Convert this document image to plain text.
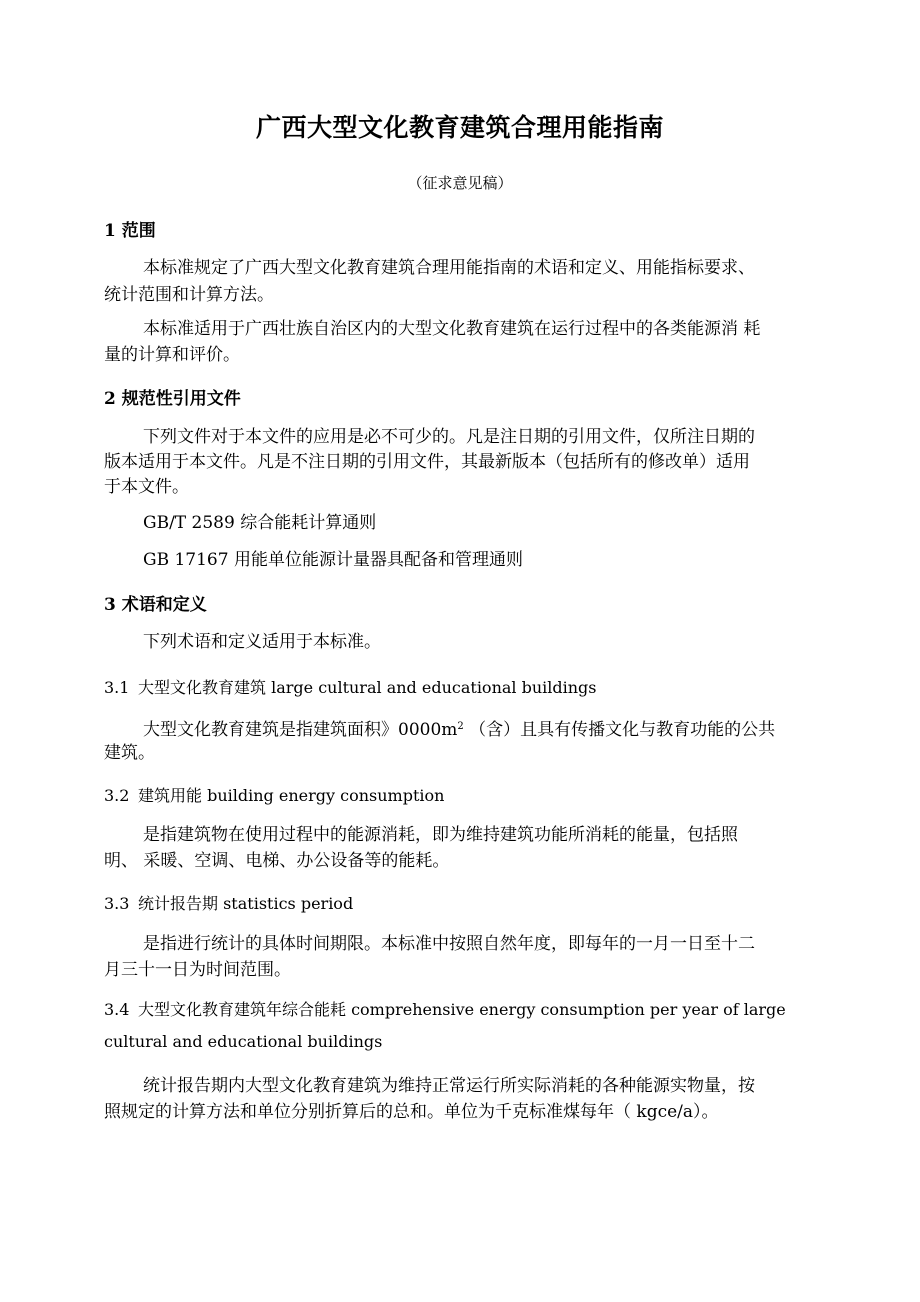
广西大型文化教育建筑合理用能指南
（征求意见稿）
1 范围
本标准规定了广西大型文化教育建筑合理用能指南的术语和定义、用能指标要求、
统计范围和计算方法。
本标准适用于广西壮族自治区内的大型文化教育建筑在运行过程中的各类能源消 耗
量的计算和评价。
2 规范性引用文件
下列文件对于本文件的应用是必不可少的。凡是注日期的引用文件，仅所注日期的
版本适用于本文件。凡是不注日期的引用文件，其最新版本（包括所有的修改单）适用
于本文件。
GB/T 2589 综合能耗计算通则
GB 17167 用能单位能源计量器具配备和管理通则
3 术语和定义
下列术语和定义适用于本标准。
3.1 大型文化教育建筑 large cultural and educational buildings
大型文化教育建筑是指建筑面积》$0000m^2$ （含）且具有传播文化与教育功能的公共
建筑。
3.2 建筑用能 building energy consumption
是指建筑物在使用过程中的能源消耗，即为维持建筑功能所消耗的能量，包括照
明、 采暖、空调、电梯、办公设备等的能耗。
3.3 统计报告期 statistics period
是指进行统计的具体时间期限。本标准中按照自然年度，即每年的一月一日至十二
月三十一日为时间范围。
3.4 大型文化教育建筑年综合能耗 comprehensive energy consumption per year of large
cultural and educational buildings
统计报告期内大型文化教育建筑为维持正常运行所实际消耗的各种能源实物量，按
照规定的计算方法和单位分别折算后的总和。单位为千克标准煤每年（ kgce/a）。
